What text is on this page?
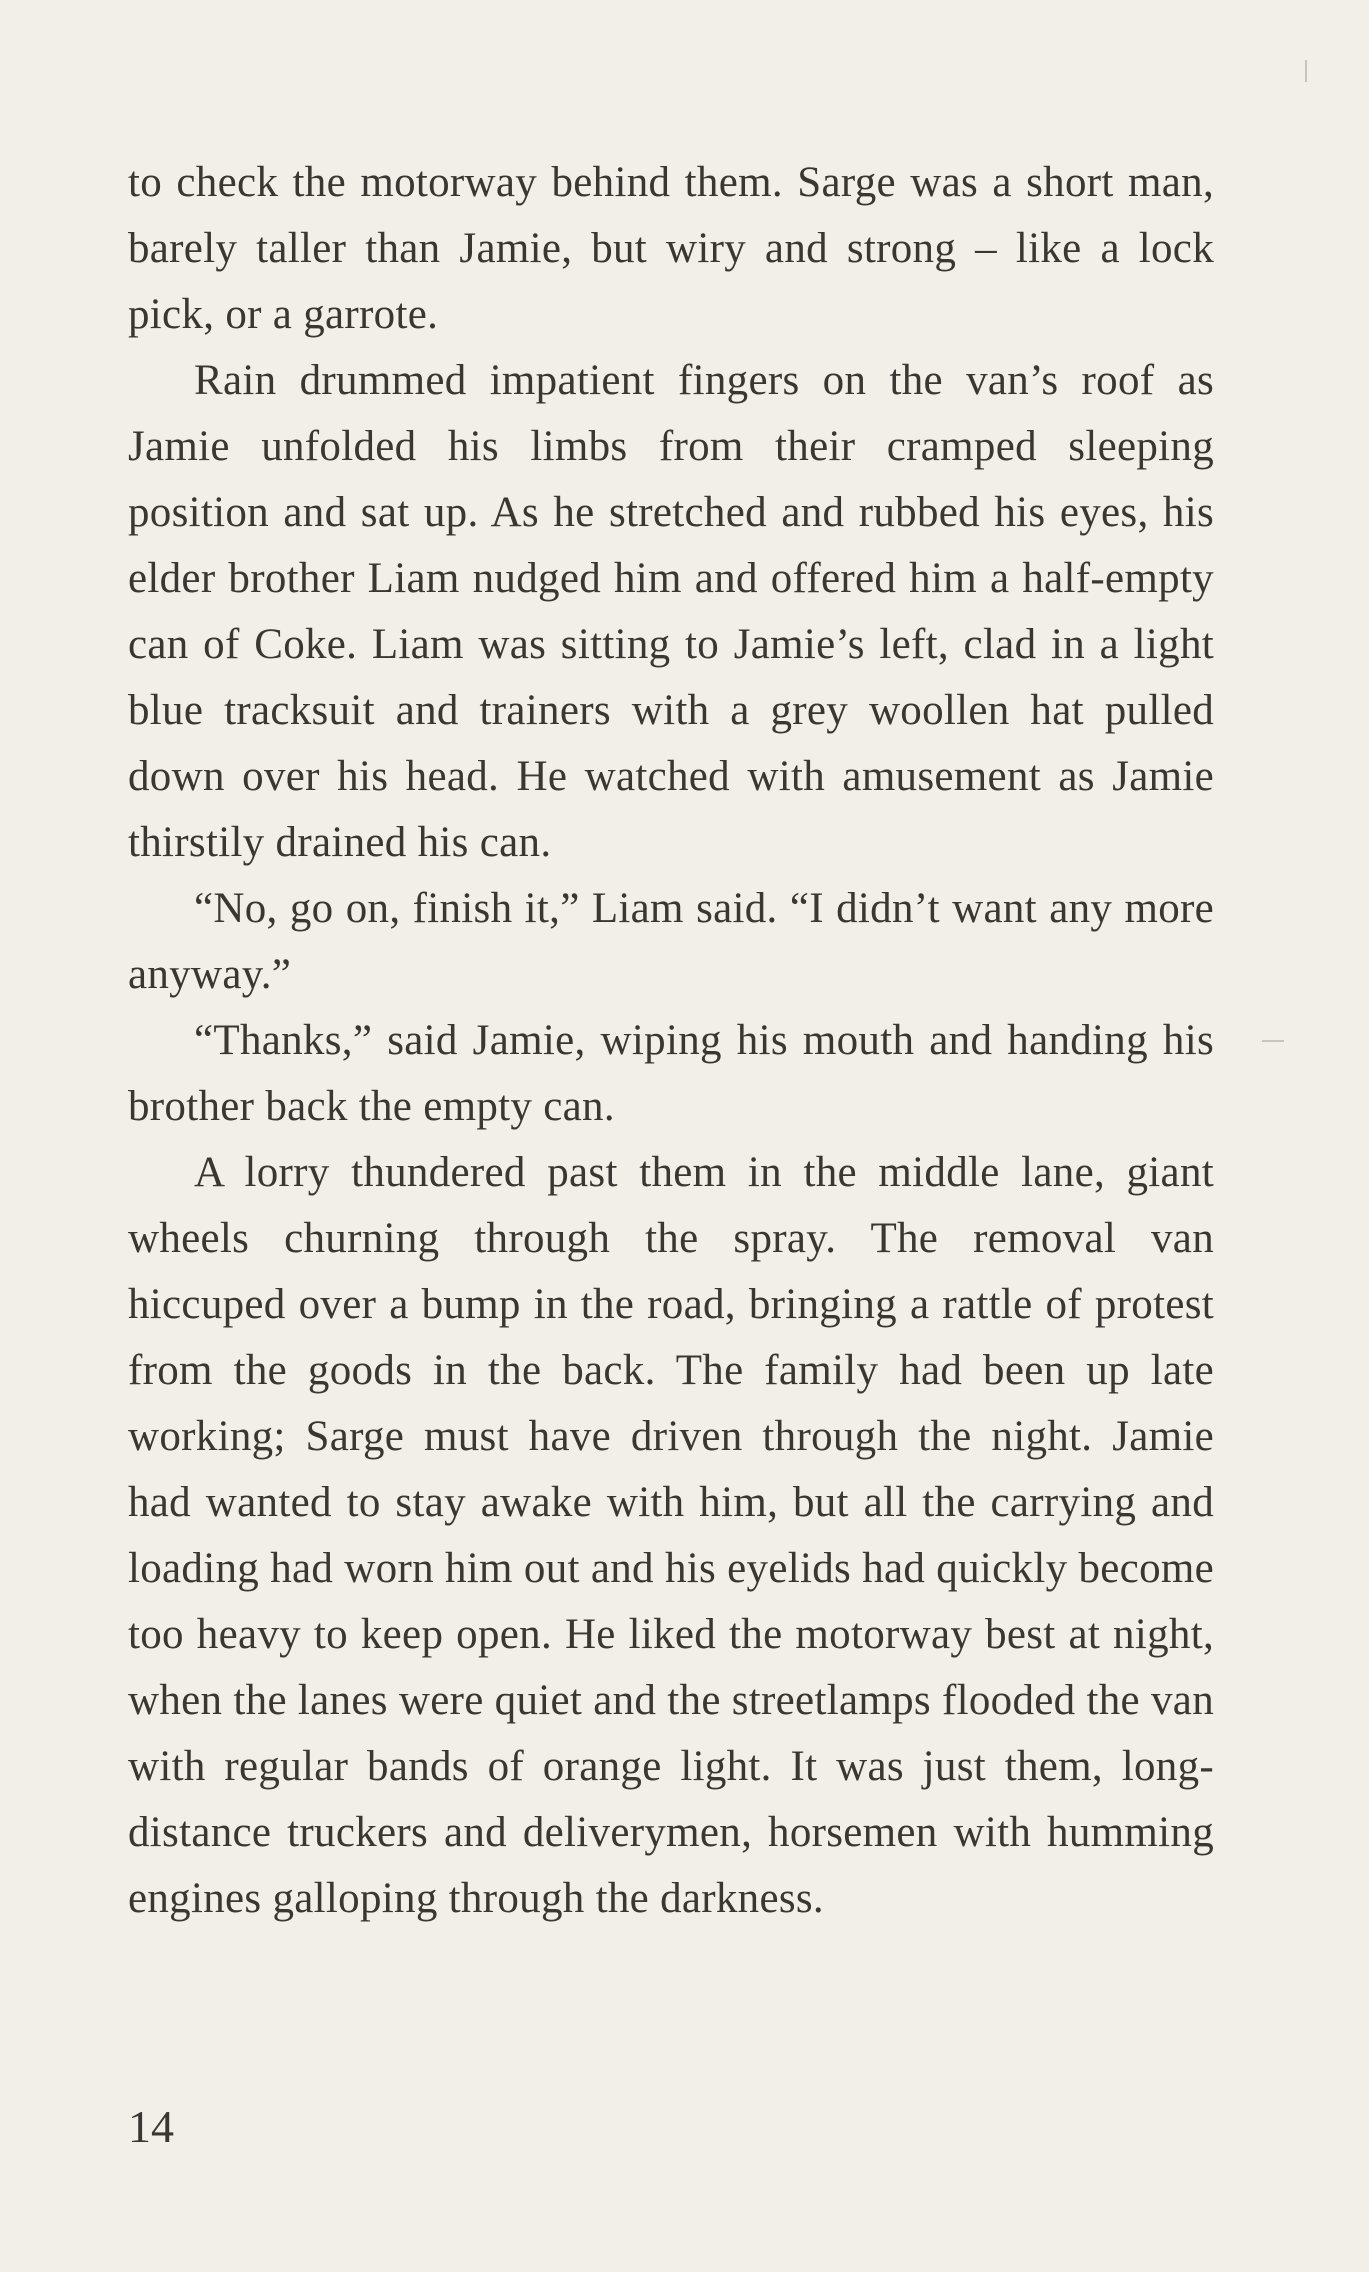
to check the motorway behind them. Sarge was a short man, barely taller than Jamie, but wiry and strong – like a lock pick, or a garrote.

Rain drummed impatient fingers on the van’s roof as Jamie unfolded his limbs from their cramped sleeping position and sat up. As he stretched and rubbed his eyes, his elder brother Liam nudged him and offered him a half-empty can of Coke. Liam was sitting to Jamie’s left, clad in a light blue tracksuit and trainers with a grey woollen hat pulled down over his head. He watched with amusement as Jamie thirstily drained his can.

“No, go on, finish it,” Liam said. “I didn’t want any more anyway.”

“Thanks,” said Jamie, wiping his mouth and handing his brother back the empty can.

A lorry thundered past them in the middle lane, giant wheels churning through the spray. The removal van hiccuped over a bump in the road, bringing a rattle of protest from the goods in the back. The family had been up late working; Sarge must have driven through the night. Jamie had wanted to stay awake with him, but all the carrying and loading had worn him out and his eyelids had quickly become too heavy to keep open. He liked the motorway best at night, when the lanes were quiet and the streetlamps flooded the van with regular bands of orange light. It was just them, long-distance truckers and deliverymen, horsemen with humming engines galloping through the darkness.

14
